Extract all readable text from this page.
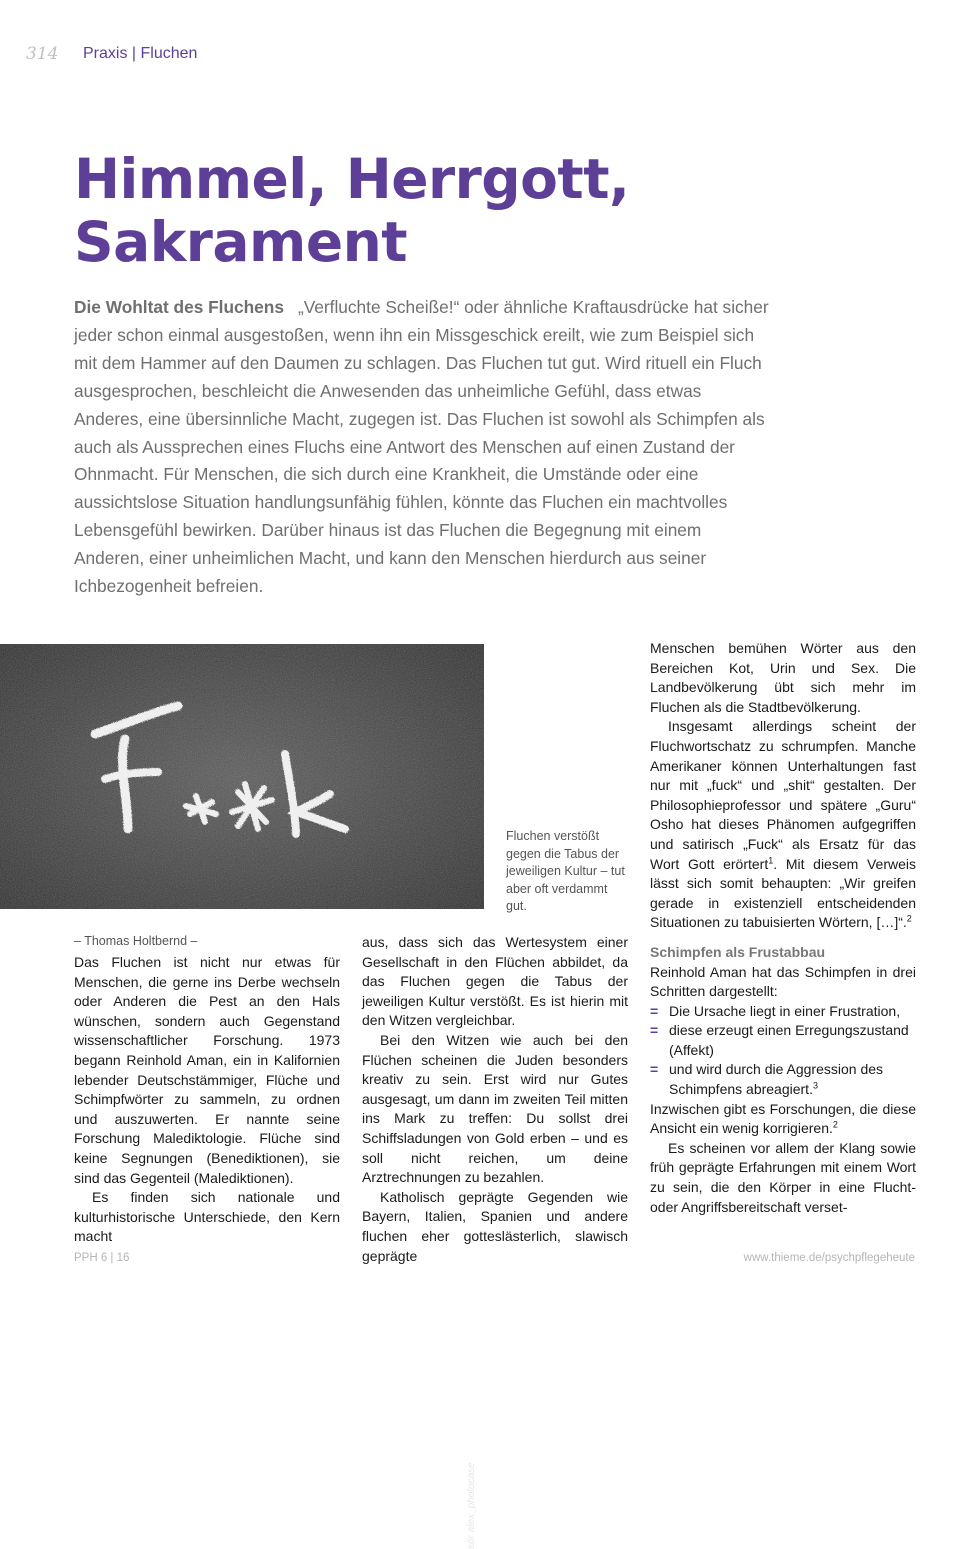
314 Praxis | Fluchen
Himmel, Herrgott,
Sakrament
Die Wohltat des Fluchens „Verfluchte Scheiße!“ oder ähnliche Kraftausdrücke hat sicher jeder schon einmal ausgestoßen, wenn ihn ein Missgeschick ereilt, wie zum Beispiel sich mit dem Hammer auf den Daumen zu schlagen. Das Fluchen tut gut. Wird rituell ein Fluch ausgesprochen, beschleicht die Anwesenden das unheimliche Gefühl, dass etwas Anderes, eine übersinnliche Macht, zugegen ist. Das Fluchen ist sowohl als Schimpfen als auch als Aussprechen eines Fluchs eine Antwort des Menschen auf einen Zustand der Ohnmacht. Für Menschen, die sich durch eine Krankheit, die Umstände oder eine aussichtslose Situation handlungsunfähig fühlen, könnte das Fluchen ein machtvolles Lebensgefühl bewirken. Darüber hinaus ist das Fluchen die Begegnung mit einem Anderen, einer unheimlichen Macht, und kann den Menschen hierdurch aus seiner Ichbezogenheit befreien.
sör alex_photocase
Fluchen verstößt gegen die Tabus der jeweiligen Kultur – tut aber oft verdammt gut.
– Thomas Holtbernd –

Das Fluchen ist nicht nur etwas für Menschen, die gerne ins Derbe wechseln oder Anderen die Pest an den Hals wünschen, sondern auch Gegenstand wissenschaftlicher Forschung. 1973 begann Reinhold Aman, ein in Kalifornien lebender Deutschstämmiger, Flüche und Schimpfwörter zu sammeln, zu ordnen und auszuwerten. Er nannte seine Forschung Malediktologie. Flüche sind keine Segnungen (Benediktionen), sie sind das Gegenteil (Malediktionen).

Es finden sich nationale und kulturhistorische Unterschiede, den Kern macht

aus, dass sich das Wertesystem einer Gesellschaft in den Flüchen abbildet, da das Fluchen gegen die Tabus der jeweiligen Kultur verstößt. Es ist hierin mit den Witzen vergleichbar.

Bei den Witzen wie auch bei den Flüchen scheinen die Juden besonders kreativ zu sein. Erst wird nur Gutes ausgesagt, um dann im zweiten Teil mitten ins Mark zu treffen: Du sollst drei Schiffsladungen von Gold erben – und es soll nicht reichen, um deine Arztrechnungen zu bezahlen.

Katholisch geprägte Gegenden wie Bayern, Italien, Spanien und andere fluchen eher gotteslästerlich, slawisch geprägte

Menschen bemühen Wörter aus den Bereichen Kot, Urin und Sex. Die Landbevölkerung übt sich mehr im Fluchen als die Stadtbevölkerung.

Insgesamt allerdings scheint der Fluchwortschatz zu schrumpfen. Manche Amerikaner können Unterhaltungen fast nur mit „fuck“ und „shit“ gestalten. Der Philosophieprofessor und spätere „Guru“ Osho hat dieses Phänomen aufgegriffen und satirisch „Fuck“ als Ersatz für das Wort Gott erörtert$^1$. Mit diesem Verweis lässt sich somit behaupten: „Wir greifen gerade in existenziell entscheidenden Situationen zu tabuisierten Wörtern, […]“.$^2$

Schimpfen als Frustabbau

Reinhold Aman hat das Schimpfen in drei Schritten dargestellt:

= Die Ursache liegt in einer Frustration,
= diese erzeugt einen Erregungszustand (Affekt)
= und wird durch die Aggression des Schimpfens abreagiert.$^3$

Inzwischen gibt es Forschungen, die diese Ansicht ein wenig korrigieren.$^2$

Es scheinen vor allem der Klang sowie früh geprägte Erfahrungen mit einem Wort zu sein, die den Körper in eine Flucht- oder Angriffsbereitschaft verset-

PPH 6 | 16	www.thieme.de/psychpflegeheute
